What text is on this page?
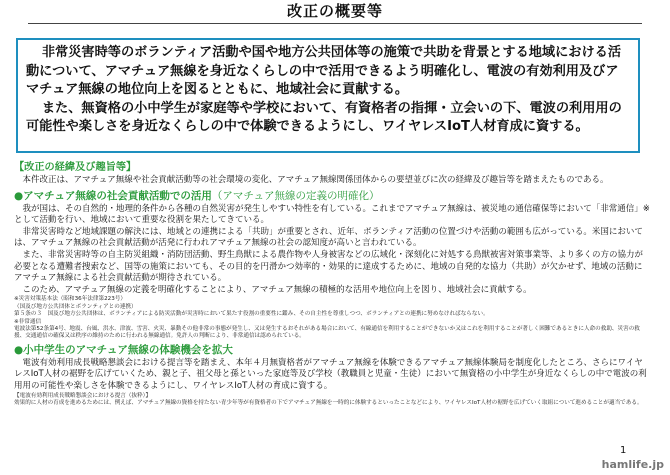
改正の概要等

非常災害時等のボランティア活動や国や地方公共団体等の施策で共助を背景とする地域における活動について、アマチュア無線を身近なくらしの中で活用できるよう明確化し、電波の有効利用及びアマチュア無線の地位向上を図るとともに、地域社会に貢献する。

また、無資格の小中学生が家庭等や学校において、有資格者の指揮・立会いの下、電波の利用用の可能性や楽しさを身近なくらしの中で体験できるようにし、ワイヤレスIoT人材育成に資する。

【改正の経緯及び趣旨等】

本件改正は、アマチュア無線や社会貢献活動等の社会環境の変化、アマチュア無線関係団体からの要望並びに次の経緯及び趣旨等を踏まえたものである。

●アマチュア無線の社会貢献活動での活用（アマチュア無線の定義の明確化）

我が国は、その自然的・地理的条件から各種の自然災害が発生しやすい特性を有している。これまでアマチュア無線は、被災地の通信確保等において「非常通信」※として活動を行い、地域において重要な役割を果たしてきている。

非常災害時など地域課題の解決には、地域との連携による「共助」が重要とされ、近年、ボランティア活動の位置づけや活動の範囲も広がっている。米国においては、アマチュア無線の社会貢献活動が活発に行われアマチュア無線の社会の認知度が高いと言われている。

また、非常災害時等の自主防災組織・消防団活動、野生鳥獣による農作物や人身被害などの広域化・深刻化に対処する鳥獣被害対策事業等、より多くの方の協力が必要となる遭難者捜索など、国等の施策においても、その目的を円滑かつ効率的・効果的に達成するために、地域の自発的な協力（共助）が欠かせず、地域の活動にアマチュア無線による社会貢献活動が期待されている。

このため、アマチュア無線の定義を明確化することにより、アマチュア無線の積極的な活用や地位向上を図り、地域社会に貢献する。

※災害対策基本法（昭和36年法律第223号）

（国及び地方公共団体とボランティアとの連携）

第５条の３　国及び地方公共団体は、ボランティアによる防災活動が災害時において果たす役割の重要性に鑑み、その自主性を尊重しつつ、ボランティアとの連携に努めなければならない。

※非常通信

電波法第52条第4号、地震、台風、洪水、津波、雪害、火災、暴動その他非常の事態が発生し、又は発生するおそれがある場合において、有線通信を利用することができないか又はこれを利用することが著しく困難であるときに人命の救助、災害の救援、交通通信の確保又は秩序の維持のために行われる無線通信。免許人の判断により、非常通信は認められている。

●小中学生のアマチュア無線の体験機会を拡大

電波有効利用成長戦略懇談会における提言等を踏まえ、本年４月無資格者がアマチュア無線を体験できるアマチュア無線体験局を制度化したところ、さらにワイヤレスIoT人材の裾野を広げていくため、親と子、祖父母と孫といった家庭等及び学校（教職員と児童・生徒）において無資格の小中学生が身近なくらしの中で電波の利用用の可能性や楽しさを体験できるようにし、ワイヤレスIoT人材の育成に資する。

【電波有効利用成長戦略懇談会における提言（抜粋）】

効果的に人材の育成を進めるためには、例えば、アマチュア無線の資格を持たない青少年等が有資格者の下でアマチュア無線を一時的に体験するといったことなどにより、ワイヤレスIoT人材の裾野を広げていく取組について進めることが適当である。

1
hamlife.jp
